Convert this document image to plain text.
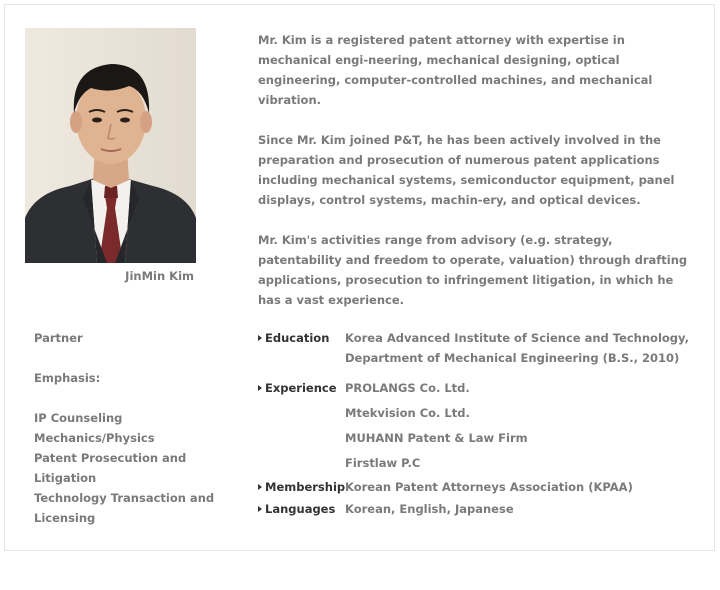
JinMin Kim

Mr. Kim is a registered patent attorney with expertise in mechanical engi-neering, mechanical designing, optical engineering, computer-controlled machines, and mechanical vibration.

Since Mr. Kim joined P&T, he has been actively involved in the preparation and prosecution of numerous patent applications including mechanical systems, semiconductor equipment, panel displays, control systems, machin-ery, and optical devices.

Mr. Kim's activities range from advisory (e.g. strategy, patentability and freedom to operate, valuation) through drafting applications, prosecution to infringement litigation, in which he has a vast experience.

Partner
Emphasis:
IP Counseling
Mechanics/Physics
Patent Prosecution and Litigation
Technology Transaction and
Licensing
Education	Korea Advanced Institute of Science and Technology,
Department of Mechanical Engineering (B.S., 2010)
Experience PROLANGS Co. Ltd.
Mtekvision Co. Ltd.
MUHANN Patent & Law Firm
Firstlaw P.C
Membership Korean Patent Attorneys Association (KPAA)
Languages Korean, English, Japanese
